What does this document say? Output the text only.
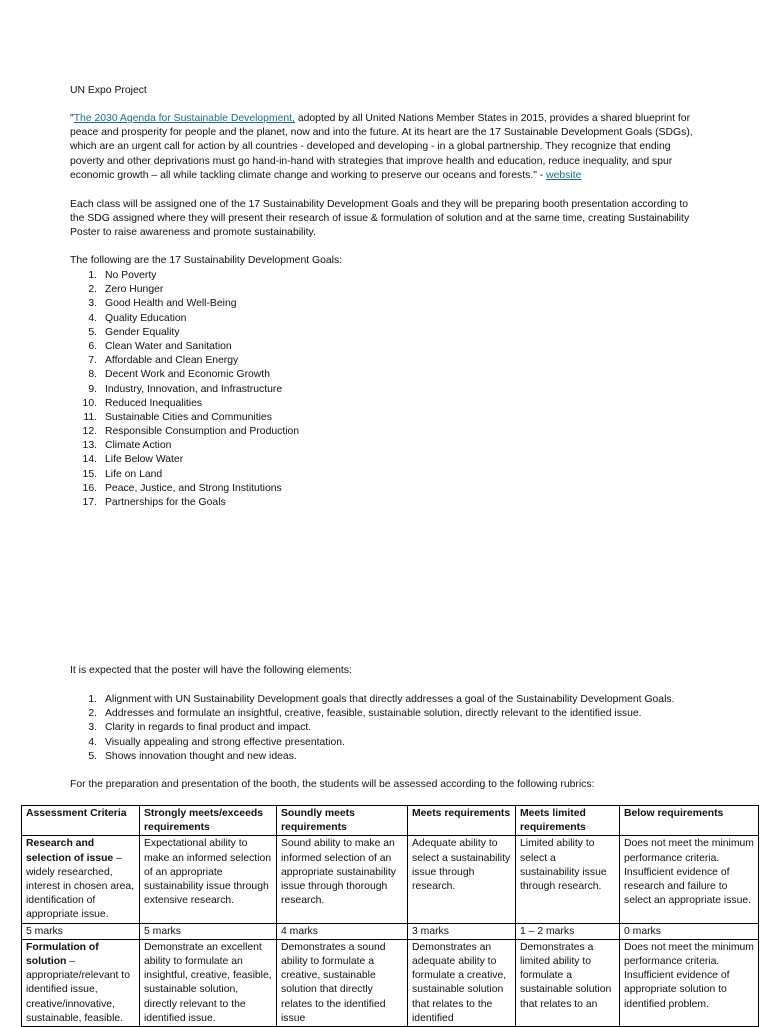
UN Expo Project

"The 2030 Agenda for Sustainable Development, adopted by all United Nations Member States in 2015, provides a shared blueprint for peace and prosperity for people and the planet, now and into the future. At its heart are the 17 Sustainable Development Goals (SDGs), which are an urgent call for action by all countries - developed and developing - in a global partnership. They recognize that ending poverty and other deprivations must go hand-in-hand with strategies that improve health and education, reduce inequality, and spur economic growth – all while tackling climate change and working to preserve our oceans and forests." - website

Each class will be assigned one of the 17 Sustainability Development Goals and they will be preparing booth presentation according to the SDG assigned where they will present their research of issue & formulation of solution and at the same time, creating Sustainability Poster to raise awareness and promote sustainability.

The following are the 17 Sustainability Development Goals:
1. No Poverty
2. Zero Hunger
3. Good Health and Well-Being
4. Quality Education
5. Gender Equality
6. Clean Water and Sanitation
7. Affordable and Clean Energy
8. Decent Work and Economic Growth
9. Industry, Innovation, and Infrastructure
10. Reduced Inequalities
11. Sustainable Cities and Communities
12. Responsible Consumption and Production
13. Climate Action
14. Life Below Water
15. Life on Land
16. Peace, Justice, and Strong Institutions
17. Partnerships for the Goals
It is expected that the poster will have the following elements:
1. Alignment with UN Sustainability Development goals that directly addresses a goal of the Sustainability Development Goals.
2. Addresses and formulate an insightful, creative, feasible, sustainable solution, directly relevant to the identified issue.
3. Clarity in regards to final product and impact.
4. Visually appealing and strong effective presentation.
5. Shows innovation thought and new ideas.
For the preparation and presentation of the booth, the students will be assessed according to the following rubrics:
Assessment Criteria	Strongly meets/exceeds requirements	Soundly meets requirements	Meets requirements	Meets limited requirements	Below requirements
Research and selection of issue – widely researched, interest in chosen area, identification of appropriate issue.	Expectational ability to make an informed selection of an appropriate sustainability issue through extensive research.	Sound ability to make an informed selection of an appropriate sustainability issue through thorough research.	Adequate ability to select a sustainability issue through research.	Limited ability to select a sustainability issue through research.	Does not meet the minimum performance criteria. Insufficient evidence of research and failure to select an appropriate issue.
5 marks	5 marks	4 marks	3 marks	1 – 2 marks	0 marks
Formulation of solution – appropriate/relevant to identified issue, creative/innovative, sustainable, feasible.	Demonstrate an excellent ability to formulate an insightful, creative, feasible, sustainable solution, directly relevant to the identified issue.	Demonstrates a sound ability to formulate a creative, sustainable solution that directly relates to the identified issue	Demonstrates an adequate ability to formulate a creative, sustainable solution that relates to the identified	Demonstrates a limited ability to formulate a sustainable solution that relates to an	Does not meet the minimum performance criteria. Insufficient evidence of appropriate solution to identified problem.
